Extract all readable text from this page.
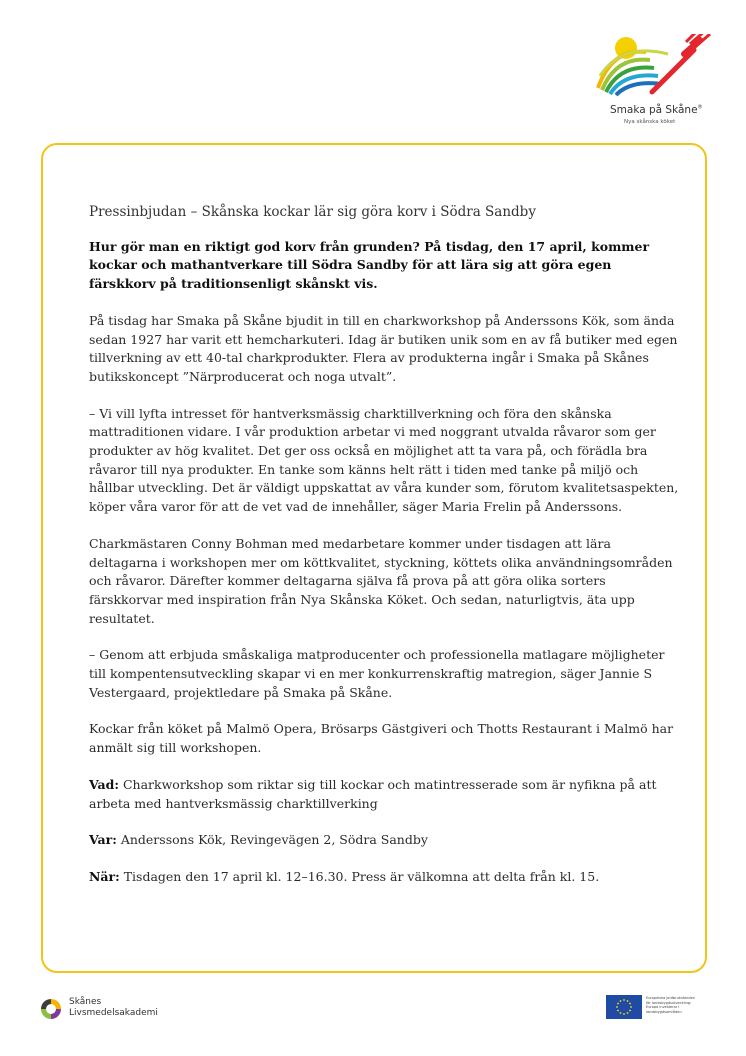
Smaka på Skåne®
Nya skånska köket

Pressinbjudan – Skånska kockar lär sig göra korv i Södra Sandby

Hur gör man en riktigt god korv från grunden? På tisdag, den 17 april, kommer kockar och mathantverkare till Södra Sandby för att lära sig att göra egen färskkorv på traditionsenligt skånskt vis.

På tisdag har Smaka på Skåne bjudit in till en charkworkshop på Anderssons Kök, som ända sedan 1927 har varit ett hemcharkuteri. Idag är butiken unik som en av få butiker med egen tillverkning av ett 40-tal charkprodukter. Flera av produkterna ingår i Smaka på Skånes butikskoncept ”Närproducerat och noga utvalt”.

– Vi vill lyfta intresset för hantverksmässig charktillverkning och föra den skånska mattraditionen vidare. I vår produktion arbetar vi med noggrant utvalda råvaror som ger produkter av hög kvalitet. Det ger oss också en möjlighet att ta vara på, och förädla bra råvaror till nya produkter. En tanke som känns helt rätt i tiden med tanke på miljö och hållbar utveckling. Det är väldigt uppskattat av våra kunder som, förutom kvalitetsaspekten, köper våra varor för att de vet vad de innehåller, säger Maria Frelin på Anderssons.

Charkmästaren Conny Bohman med medarbetare kommer under tisdagen att lära deltagarna i workshopen mer om köttkvalitet, styckning, köttets olika användningsområden och råvaror. Därefter kommer deltagarna själva få prova på att göra olika sorters färskkorvar med inspiration från Nya Skånska Köket. Och sedan, naturligtvis, äta upp resultatet.

– Genom att erbjuda småskaliga matproducenter och professionella matlagare möjligheter till kompentensutveckling skapar vi en mer konkurrenskraftig matregion, säger Jannie S Vestergaard, projektledare på Smaka på Skåne.

Kockar från köket på Malmö Opera, Brösarps Gästgiveri och Thotts Restaurant i Malmö har anmält sig till workshopen.

Vad: Charkworkshop som riktar sig till kockar och matintresserade som är nyfikna på att arbeta med hantverksmässig charktillverking

Var: Anderssons Kök, Revingevägen 2, Södra Sandby

När: Tisdagen den 17 april kl. 12–16.30. Press är välkomna att delta från kl. 15.

Skånes
Livsmedelsakademi
Europeiska jordbruksfonden
för landsbygdsutveckling:
Europa investerar i
landsbygdsområden
